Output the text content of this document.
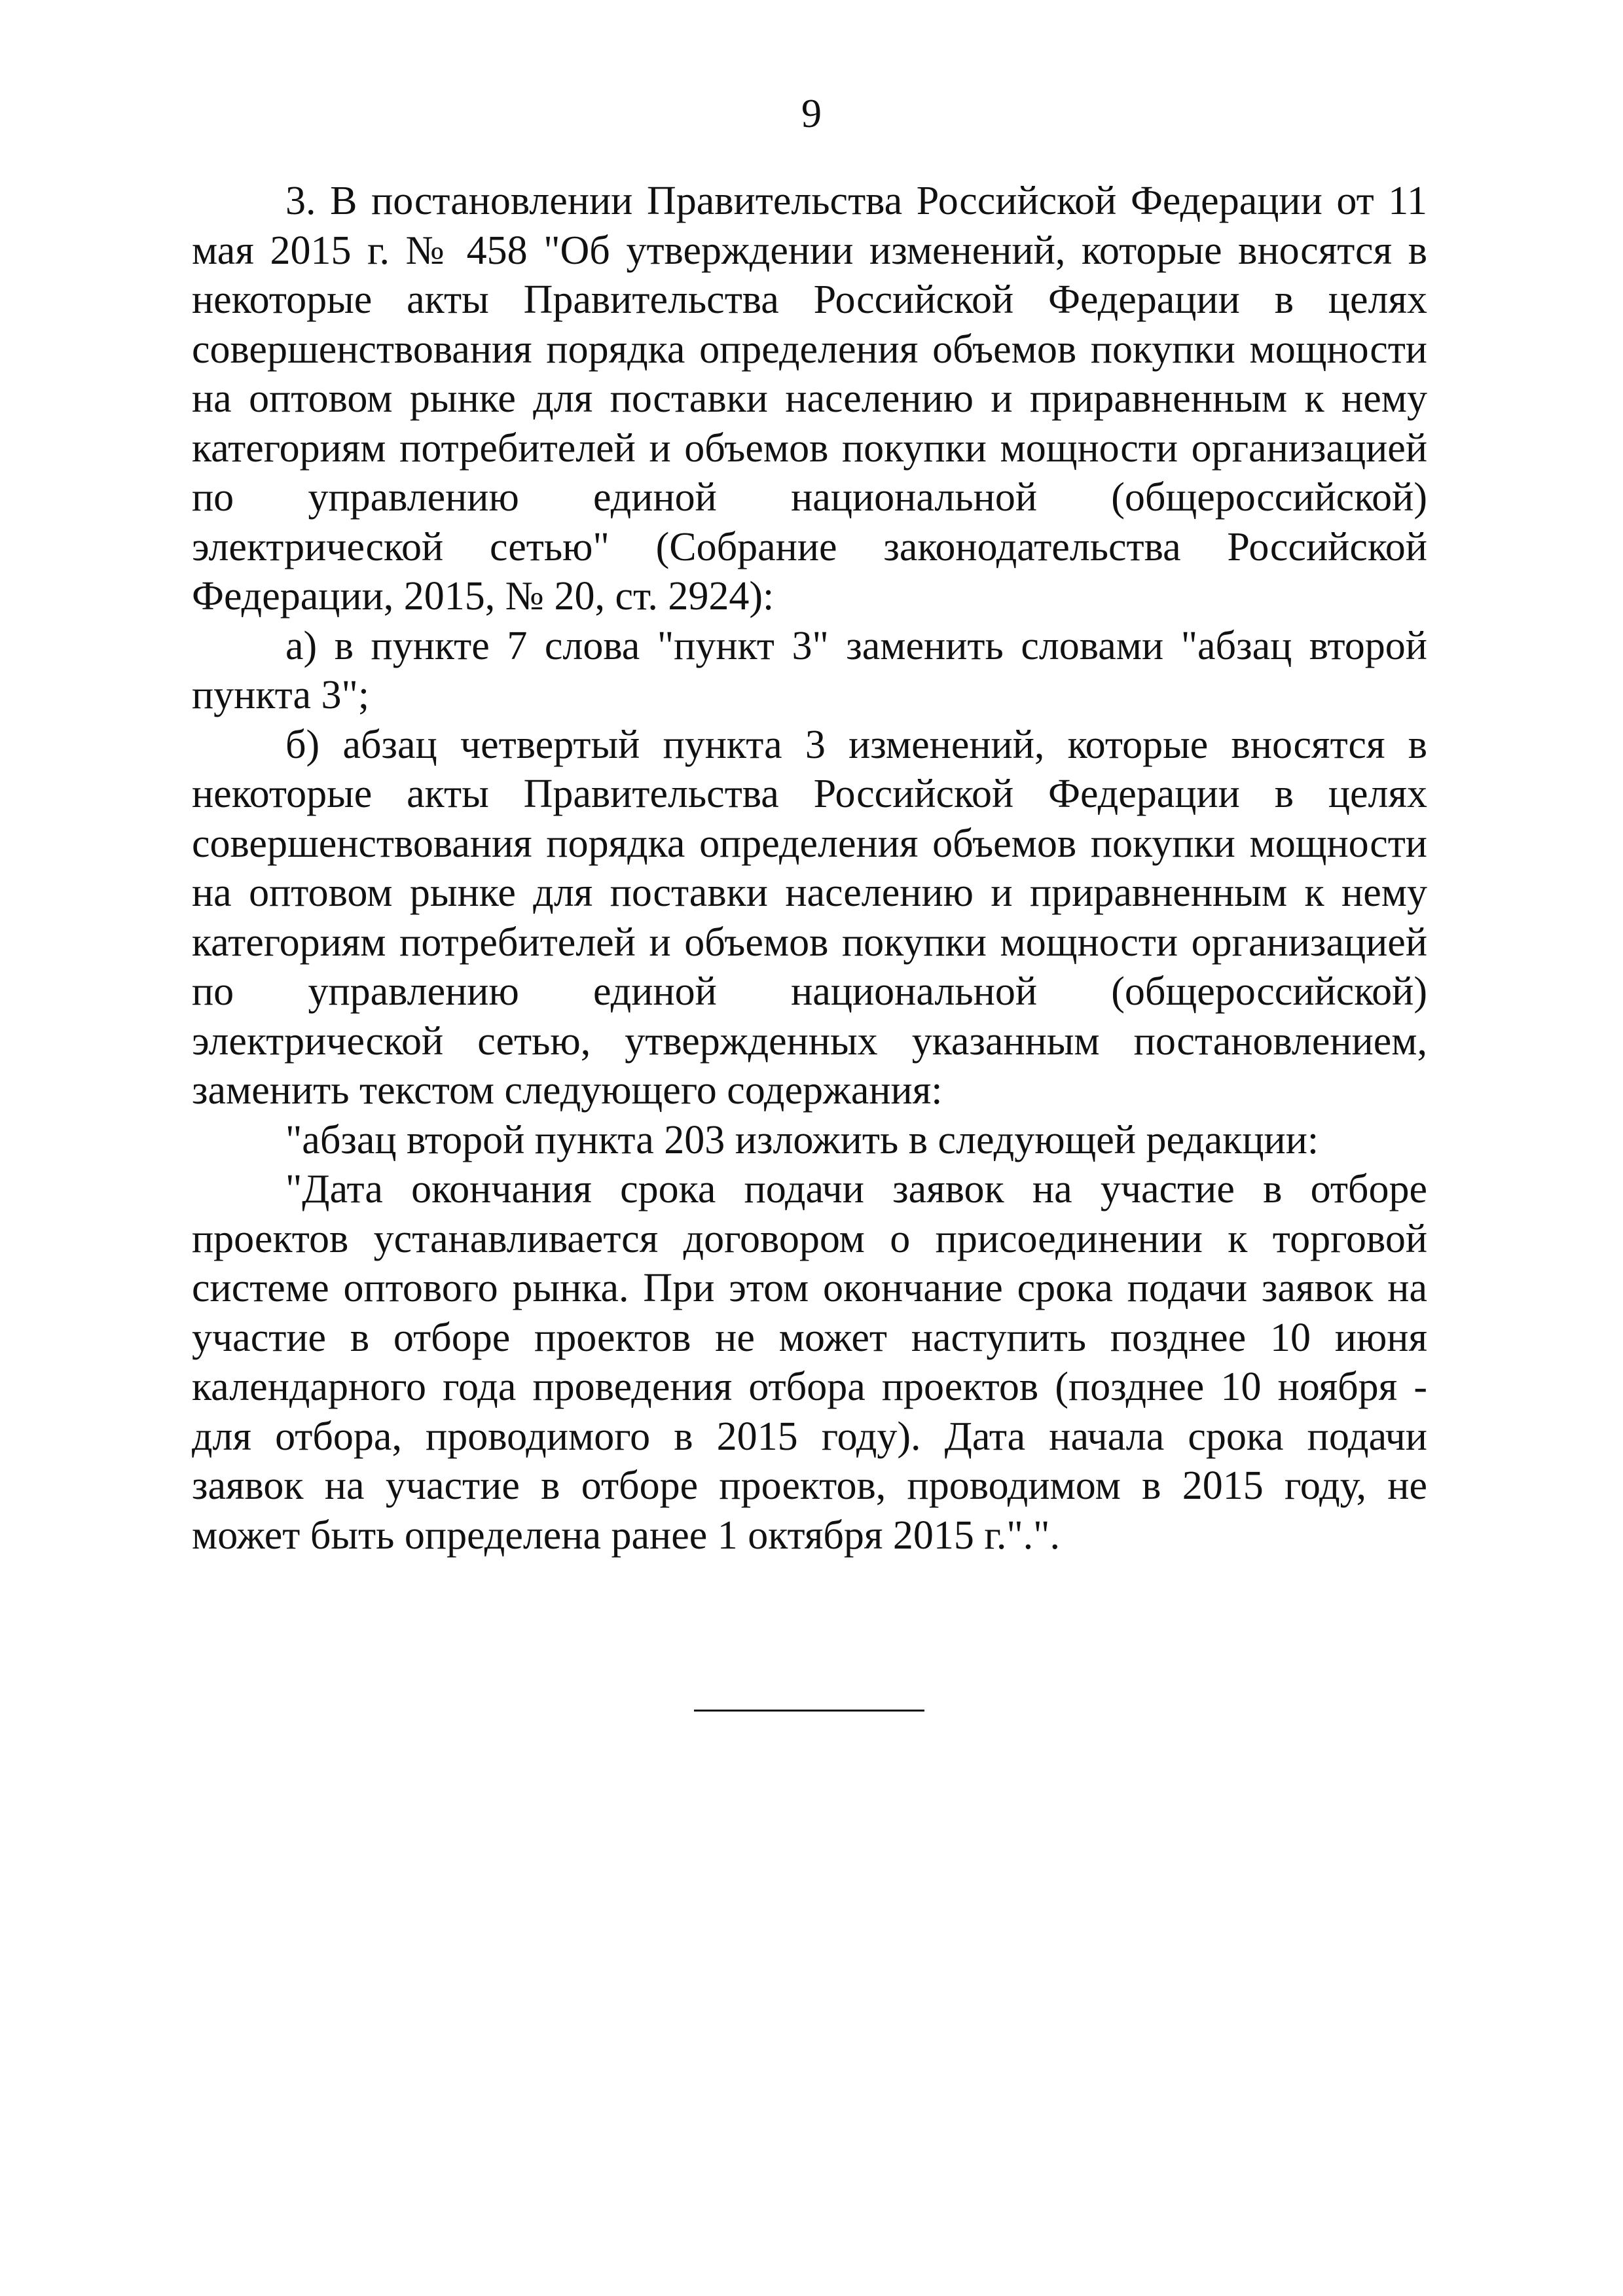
9

3. В постановлении Правительства Российской Федерации от 11 мая 2015 г. № 458 "Об утверждении изменений, которые вносятся в некоторые акты Правительства Российской Федерации в целях совершенствования порядка определения объемов покупки мощности на оптовом рынке для поставки населению и приравненным к нему категориям потребителей и объемов покупки мощности организацией по управлению единой национальной (общероссийской) электрической сетью" (Собрание законодательства Российской Федерации, 2015, № 20, ст. 2924):

а) в пункте 7 слова "пункт 3" заменить словами "абзац второй пункта 3";

б) абзац четвертый пункта 3 изменений, которые вносятся в некоторые акты Правительства Российской Федерации в целях совершенствования порядка определения объемов покупки мощности на оптовом рынке для поставки населению и приравненным к нему категориям потребителей и объемов покупки мощности организацией по управлению единой национальной (общероссийской) электрической сетью, утвержденных указанным постановлением, заменить текстом следующего содержания:

"абзац второй пункта 203 изложить в следующей редакции:

"Дата окончания срока подачи заявок на участие в отборе проектов устанавливается договором о присоединении к торговой системе оптового рынка. При этом окончание срока подачи заявок на участие в отборе проектов не может наступить позднее 10 июня календарного года проведения отбора проектов (позднее 10 ноября - для отбора, проводимого в 2015 году). Дата начала срока подачи заявок на участие в отборе проектов, проводимом в 2015 году, не может быть определена ранее 1 октября 2015 г.".".
